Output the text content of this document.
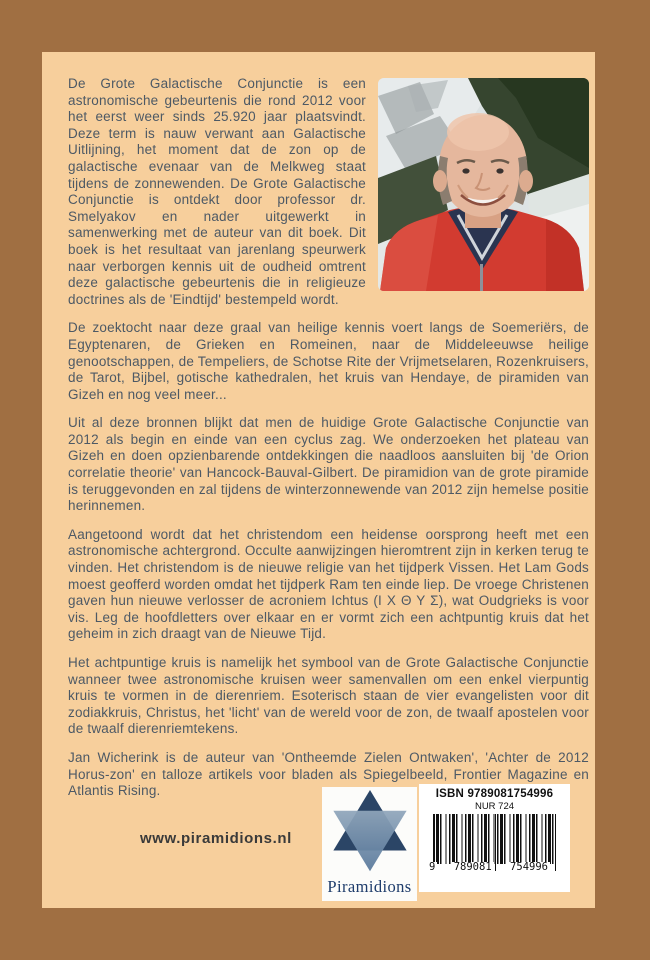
De Grote Galactische Conjunctie is een astronomische gebeurtenis die rond 2012 voor het eerst weer sinds 25.920 jaar plaatsvindt. Deze term is nauw verwant aan Galactische Uitlijning, het moment dat de zon op de galactische evenaar van de Melkweg staat tijdens de zonnewenden. De Grote Galactische Conjunctie is ontdekt door professor dr. Smelyakov en nader uitgewerkt in samenwerking met de auteur van dit boek. Dit boek is het resultaat van jarenlang speurwerk naar verborgen kennis uit de oudheid omtrent deze galactische gebeurtenis die in religieuze doctrines als de 'Eindtijd' bestempeld wordt.

De zoektocht naar deze graal van heilige kennis voert langs de Soemeriërs, de Egyptenaren, de Grieken en Romeinen, naar de Middeleeuwse heilige genootschappen, de Tempeliers, de Schotse Rite der Vrijmetselaren, Rozenkruisers, de Tarot, Bijbel, gotische kathedralen, het kruis van Hendaye, de piramiden van Gizeh en nog veel meer...

Uit al deze bronnen blijkt dat men de huidige Grote Galactische Conjunctie van 2012 als begin en einde van een cyclus zag. We onderzoeken het plateau van Gizeh en doen opzienbarende ontdekkingen die naadloos aansluiten bij 'de Orion correlatie theorie' van Hancock-Bauval-Gilbert. De piramidion van de grote piramide is teruggevonden en zal tijdens de winterzonnewende van 2012 zijn hemelse positie herinnemen.

Aangetoond wordt dat het christendom een heidense oorsprong heeft met een astronomische achtergrond. Occulte aanwijzingen hieromtrent zijn in kerken terug te vinden. Het christendom is de nieuwe religie van het tijdperk Vissen. Het Lam Gods moest geofferd worden omdat het tijdperk Ram ten einde liep. De vroege Christenen gaven hun nieuwe verlosser de acroniem Ichtus (Ι Χ Θ Υ Σ), wat Oudgrieks is voor vis. Leg de hoofdletters over elkaar en er vormt zich een achtpuntig kruis dat het geheim in zich draagt van de Nieuwe Tijd.

Het achtpuntige kruis is namelijk het symbool van de Grote Galactische Conjunctie wanneer twee astronomische kruisen weer samenvallen om een enkel vierpuntig kruis te vormen in de dierenriem. Esoterisch staan de vier evangelisten voor dit zodiakkruis, Christus, het 'licht' van de wereld voor de zon, de twaalf apostelen voor de twaalf dierenriemtekens.

Jan Wicherink is de auteur van 'Ontheemde Zielen Ontwaken', 'Achter de 2012 Horus-zon' en talloze artikels voor bladen als Spiegelbeeld, Frontier Magazine en Atlantis Rising.

www.piramidions.nl
Piramidions
ISBN 9789081754996
NUR 724
9 789081 754996
